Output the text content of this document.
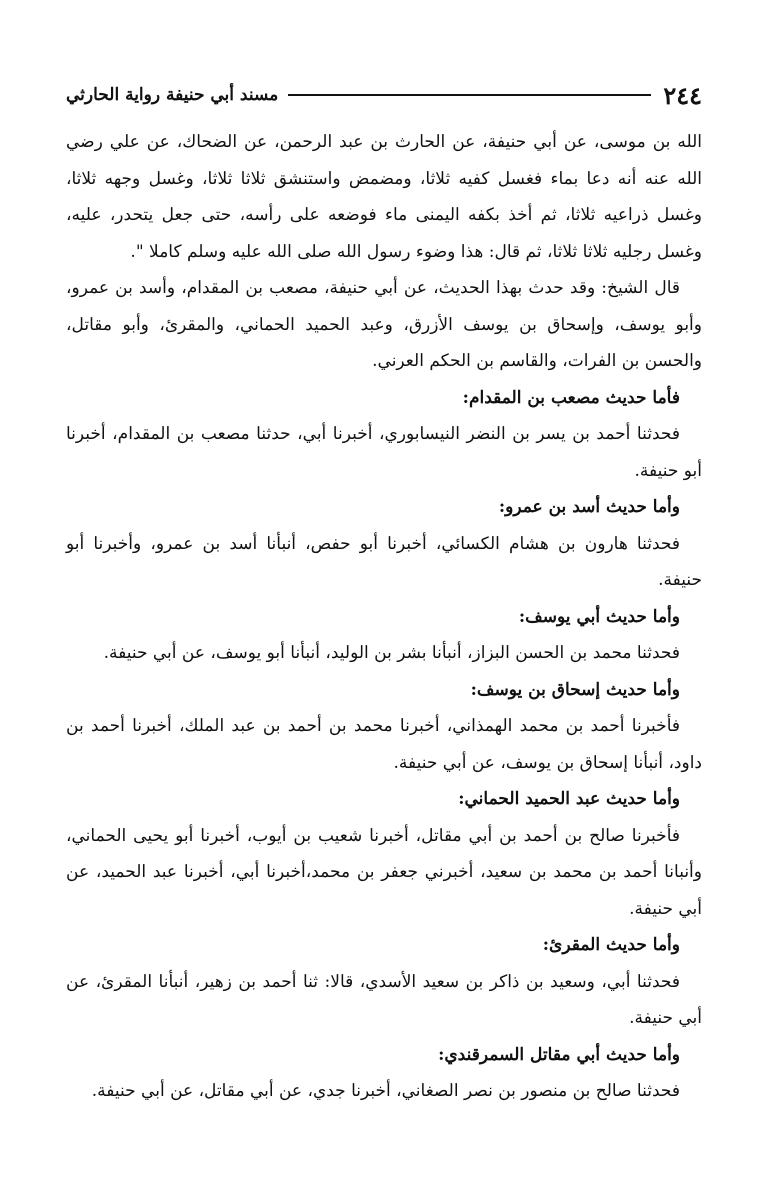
٢٤٤
مسند أبي حنيفة رواية الحارثي

الله بن موسى، عن أبي حنيفة، عن الحارث بن عبد الرحمن، عن الضحاك، عن علي رضي الله عنه أنه دعا بماء فغسل كفيه ثلاثا، ومضمض واستنشق ثلاثا ثلاثا، وغسل وجهه ثلاثا، وغسل ذراعيه ثلاثا، ثم أخذ بكفه اليمنى ماء فوضعه على رأسه، حتى جعل يتحدر، عليه، وغسل رجليه ثلاثا ثلاثا، ثم قال: هذا وضوء رسول الله صلى الله عليه وسلم كاملا ".

قال الشيخ: وقد حدث بهذا الحديث، عن أبي حنيفة، مصعب بن المقدام، وأسد بن عمرو، وأبو يوسف، وإسحاق بن يوسف الأزرق، وعبد الحميد الحماني، والمقرئ، وأبو مقاتل، والحسن بن الفرات، والقاسم بن الحكم العرني.

فأما حديث مصعب بن المقدام:

فحدثنا أحمد بن يسر بن النضر النيسابوري، أخبرنا أبي، حدثنا مصعب بن المقدام، أخبرنا أبو حنيفة.

وأما حديث أسد بن عمرو:

فحدثنا هارون بن هشام الكسائي، أخبرنا أبو حفص، أنبأنا أسد بن عمرو، وأخبرنا أبو حنيفة.

وأما حديث أبي يوسف:

فحدثنا محمد بن الحسن البزاز، أنبأنا بشر بن الوليد، أنبأنا أبو يوسف، عن أبي حنيفة.

وأما حديث إسحاق بن يوسف:

فأخبرنا أحمد بن محمد الهمذاني، أخبرنا محمد بن أحمد بن عبد الملك، أخبرنا أحمد بن داود، أنبأنا إسحاق بن يوسف، عن أبي حنيفة.

وأما حديث عبد الحميد الحماني:

فأخبرنا صالح بن أحمد بن أبي مقاتل، أخبرنا شعيب بن أيوب، أخبرنا أبو يحيى الحماني، وأنبانا أحمد بن محمد بن سعيد، أخبرني جعفر بن محمد،أخبرنا أبي، أخبرنا عبد الحميد، عن أبي حنيفة.

وأما حديث المقرئ:

فحدثنا أبي، وسعيد بن ذاكر بن سعيد الأسدي، قالا: ثنا أحمد بن زهير، أنبأنا المقرئ، عن أبي حنيفة.

وأما حديث أبي مقاتل السمرقندي:

فحدثنا صالح بن منصور بن نصر الصغاني، أخبرنا جدي، عن أبي مقاتل، عن أبي حنيفة.
